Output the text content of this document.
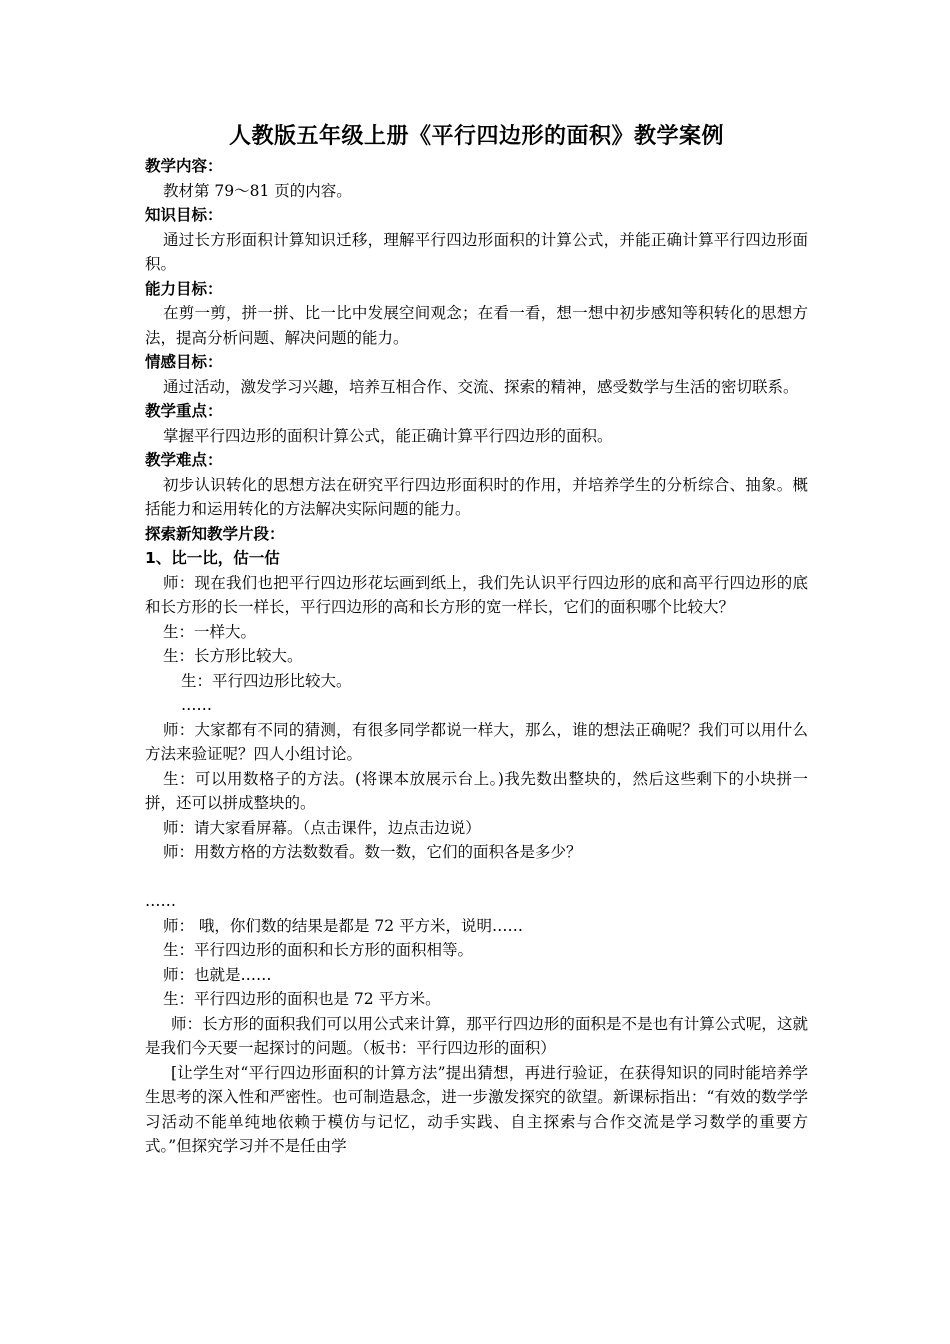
人教版五年级上册《平行四边形的面积》教学案例

教学内容：

教材第 79～81 页的内容。

知识目标：

通过长方形面积计算知识迁移，理解平行四边形面积的计算公式，并能正确计算平行四边形面积。

能力目标：

在剪一剪，拼一拼、比一比中发展空间观念；在看一看，想一想中初步感知等积转化的思想方法，提高分析问题、解决问题的能力。

情感目标：

通过活动，激发学习兴趣，培养互相合作、交流、探索的精神，感受数学与生活的密切联系。

教学重点：

掌握平行四边形的面积计算公式，能正确计算平行四边形的面积。

教学难点：

初步认识转化的思想方法在研究平行四边形面积时的作用，并培养学生的分析综合、抽象。概括能力和运用转化的方法解决实际问题的能力。

探索新知教学片段：

1、比一比，估一估

师：现在我们也把平行四边形花坛画到纸上，我们先认识平行四边形的底和高平行四边形的底和长方形的长一样长，平行四边形的高和长方形的宽一样长，它们的面积哪个比较大？

生：一样大。

生：长方形比较大。

生：平行四边形比较大。

……

师：大家都有不同的猜测，有很多同学都说一样大，那么，谁的想法正确呢？我们可以用什么方法来验证呢？四人小组讨论。

生：可以用数格子的方法。(将课本放展示台上。)我先数出整块的，然后这些剩下的小块拼一拼，还可以拼成整块的。

师：请大家看屏幕。（点击课件，边点击边说）

师：用数方格的方法数数看。数一数，它们的面积各是多少？

……

师： 哦，你们数的结果是都是 72 平方米，说明……

生：平行四边形的面积和长方形的面积相等。

师：也就是……

生：平行四边形的面积也是 72 平方米。

师：长方形的面积我们可以用公式来计算，那平行四边形的面积是不是也有计算公式呢，这就是我们今天要一起探讨的问题。（板书：平行四边形的面积）

[让学生对“平行四边形面积的计算方法”提出猜想，再进行验证，在获得知识的同时能培养学生思考的深入性和严密性。也可制造悬念，进一步激发探究的欲望。新课标指出：“有效的数学学习活动不能单纯地依赖于模仿与记忆，动手实践、自主探索与合作交流是学习数学的重要方式。”但探究学习并不是任由学
